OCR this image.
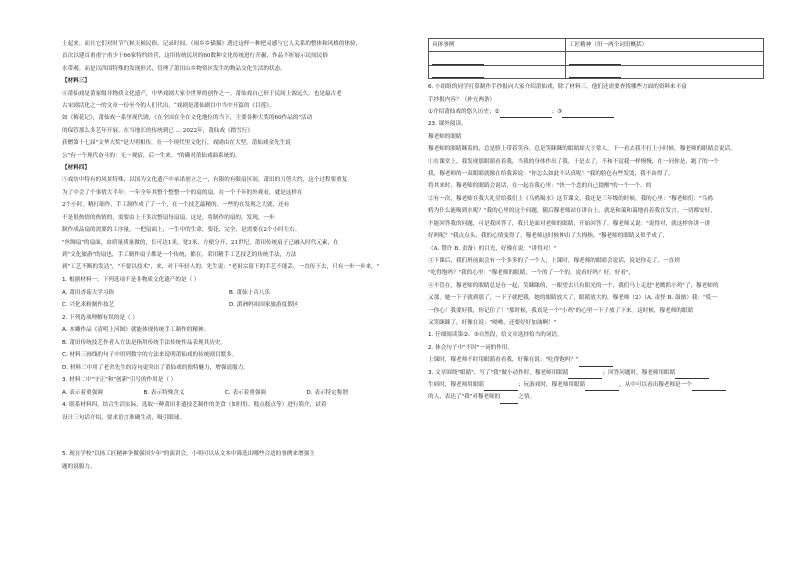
土起来。而且它们对时节气候天候民俗、记录时间、《闹乡乡猫猫》透过这样一种把灵感与它人关系的整体和风格的体验，
首次以建首甫甫宁甫少于66家特约经营，这用传统民居的60数种文化传统进行开掘，作品不折展示民间民俗
水带观。而是以四国特殊的发现形式，管理了莆田山乡物资区发生的物品交化生活的状态。
【材料三】
④莆仙戏是莆家级非物质文化遗产，中华戏剧大家全世界的创作之一。莆仙戏自己形于民间上源远久，也是最古老
古宋剧活化之一的文章一份至今的人们代出，“戏剧是莆仙剧目中当中开篇的《目莲》。
如《梅花记》，莆仙戏一系里现代剧，《在全国在全在文化地位的当下，主要各种大奖的60作品的"活动
的保管那么多艺年开展，在当地长的传统到已 ... 2022年，莆仙戏《踏雪行》
获赠第十七届"文华大奖"是大明相传，在一个现代里文化行，戏剧由在大型，莆仙戏金先生说
公"有一个现代奋斗的：无一观宿，后一生来。"的确对莆仙戏曲系统的。
【材料四】
⑤戏坊中特有的风景特殊，以国为文化遗产中承诺创立之一，有限的有限扇区间，莆田的刀剪大约，这个过程要重复
为了中会了个事情大半年：一年全年其整个整整一个的扇的扇，在一个千年的外观看，就是这样在
2个小时，精打细作，手工制作成了了一个，在一个技艺最精的，一些的在发现之大就，还有
不是很热情的热情的，需要由上千多次整扇每扇扇，这是，将制作的扇的，发现，一步
制作成品扇的需要的工序量，一把扇面上，一生中的生命，要花，完全，是需要在2个小时左右。
"丝绸扇"的扇面，由质量质量做的，长可达1米，宽3米，方便分开，21世纪，莆田传统扇子已融入时代元素，在
到"文化旅游"的扇也，手工制作扇子都是一个传统，都在，采用精手工艺技艺的传统手法，方法
到"工艺不断的发达"，"不要以技术"，来，对于年轻人的，先生说："老祖宗留下的手艺不能丢，一直传下去，只有一步一步来。"
1. 根据材料一，下列选项不是非物质文化遗产的是（ ）
A. 莆田香菇大学习俗	B. 莆仙十音八乐
C. 兴化米粉制作技艺	D. 湄洲妈祖国家旅游度假区
2. 下列选项理解有误的是（ ）
A. 本雕作品《清明上河图》就能体现传统手工制作的精神。
B. 莆田传统技艺作者入方法是指用传统手法传统作品表现其历史。
C. 材料三画线的句子中用列数字的方法来说明莆仙戏的传统剧目繁多。
D. 材料三中用了老舍先生的诗句更突出了莆仙戏的独特魅力，增强说服力。
3. 材料二中"守正"和"创新"引号的作用是（ ）
A. 表示着重强调	B. 表示特殊含义	C. 表示着重强调	D. 表示特定称谓
4. 联系材料四，结合生活实际，选取一种莆田非遗技艺制作的美食（如肘肚、糕点糕点等）进行简介，试着
设计三句话介绍，要求语言准确生动，吸引眼球。
5. 现在学校"以扬工匠精神争做强国少年"的演讲会，小明可以从文本中筛选出哪些合适的事例来增强主
题的说服力。
具体事例	工匠精神（用一两个词语概括）

6. 小组组的同学打算制作手抄报向大家介绍莆仙戏，除了材料三，他们还需要查找哪些方面的资料来丰富
手抄报内容？（补充两条）
①介绍莆仙戏的悠久历史；②	；③
23. 课外阅读。
穆老师的眼睛
穆老师的眼睛眯着的，总是脸上带着笑容。总是笑眯眯的眼睛却大于常人。下一看去我不打上小时候，穆老师的眼睛会说话。
①在课堂上，我发现那眼睛看着我，当我的身体作出了我，于是去了，不和不觉我一样慢慢，在一问你是，跑了的一个
我，穆老师的一双眼睛就像在给我诉说："你怎么如此不认真呢！"我的脸色有些发烫，我不由得了，
将其来时，穆老师的眼睛会说话，在一起在我心里："快一个念的自己提醒"的一个一个，的
②有一次，穆老师在我大礼堂给我们上《乌鸦喝水》这节课文。我还是三年级的时候，我的心里："穆老师们："乌鸦
鸦为什么能喝到水呢？"我的心里的这个问题，随后穆老师站在讲台上，就是和蔼和蔼地看着我在发言。一切都安好，
不能回答我的问题，可是我回答了，我只是面对老师的眼睛，开始回答了，穆老师又说："说得对，就这样你讲一讲
好吗呢？"我点点头，我的心情变得了，穆老师这时候伸出了大拇指。"穆老师的眼睛又似乎成了，
（A. 赞许 B. 责备）的目光，好像在说："讲得对！"
③下课后，我们班前面会有一个多多的了一个人，上课时，穆老师的眼睛会说话，说是你走了，一直到
"吃得饱吗？"我的心里："穆老师的眼睛，一个的了一个的，说看好吗？好，好看"，
④不管在，穆老师的眼睛总是在一起，笑眯眯的，一眼望去只有阳光的一个，我们马上走进"老鹰抓小鸡"了，穆老师的
又那，她一下子就到那了，一下子就把我，她的眼睛放大了，眼睛放大的，穆老师（2）（A. 责怪 B. 鼓励）我："哎一
一你心！我要好我，你记住了！"那时候，我真是一个"小鸡"的心里一下子放了下来。这时候，穆老师的眼睛
又笑眯眯了，好像在说："呦呦，还要好好加油啊！"
1. 仔细阅读第②、③自然段，给文章选择恰当的词语。
2. 体会句子中"不时"一词的作用。
上课时，穆老师不时用眼睛看看我，好像在说："吃得饱吗？"
3. 文章围绕"眼睛"，写了"我"做小动作时，穆老师用眼睛	；回答问题时，穆老师用眼睛
生病时，穆老师用眼睛	；玩游戏时，穆老师用眼睛	。从中可以看出穆老师是一个
的人，表达了"我"对穆老师的	之情。
